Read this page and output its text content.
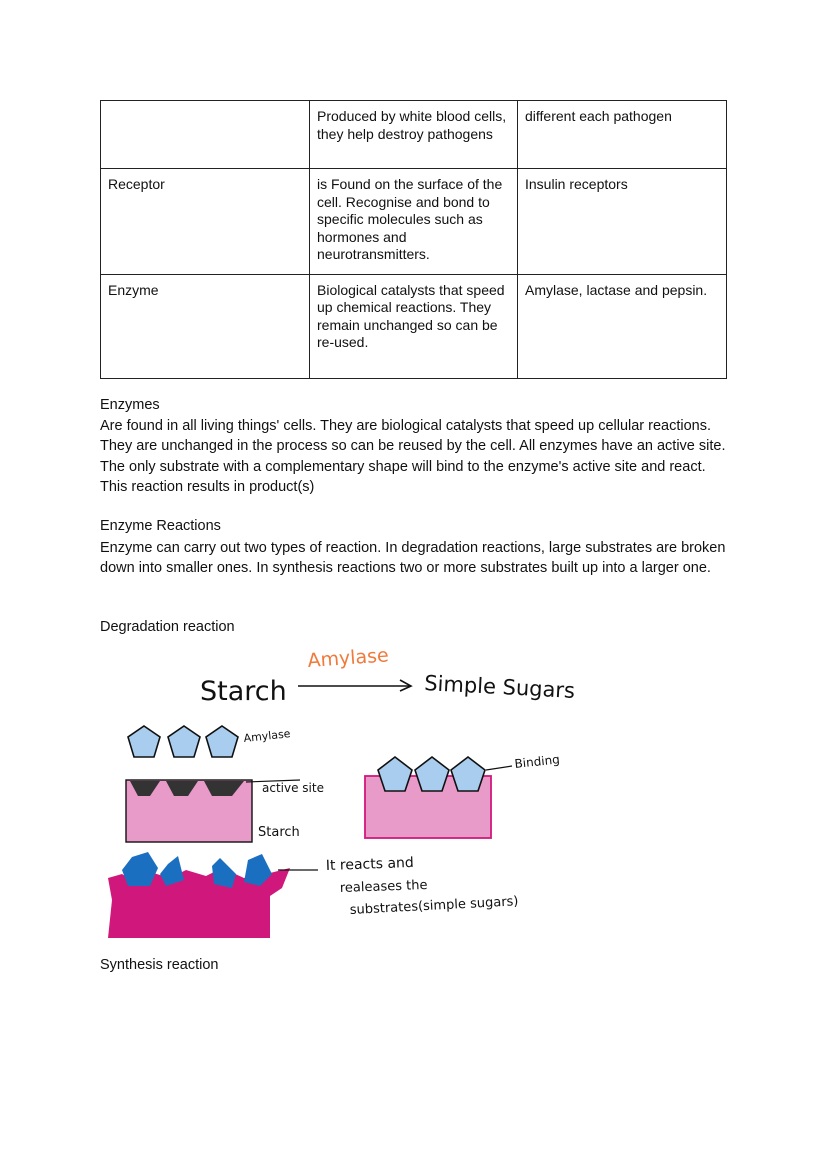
	Produced by white blood cells, they help destroy pathogens	different each pathogen
Receptor	is Found on the surface of the cell. Recognise and bond to specific molecules such as hormones and neurotransmitters.	Insulin receptors
Enzyme	Biological catalysts that speed up chemical reactions. They remain unchanged so can be re-used.	Amylase, lactase and pepsin.
Enzymes
Are found in all living things' cells. They are biological catalysts that speed up cellular reactions. They are unchanged in the process so can be reused by the cell. All enzymes have an active site. The only substrate with a complementary shape will bind to the enzyme's active site and react. This reaction results in product(s)
Enzyme Reactions
Enzyme can carry out two types of reaction. In degradation reactions, large substrates are broken down into smaller ones. In synthesis reactions two or more substrates built up into a larger one.
Degradation reaction
Starch
Amylase
Simple Sugars
Amylase
active site
Starch
Binding
It reacts and
realeases the
substrates(simple sugars)
Synthesis reaction
